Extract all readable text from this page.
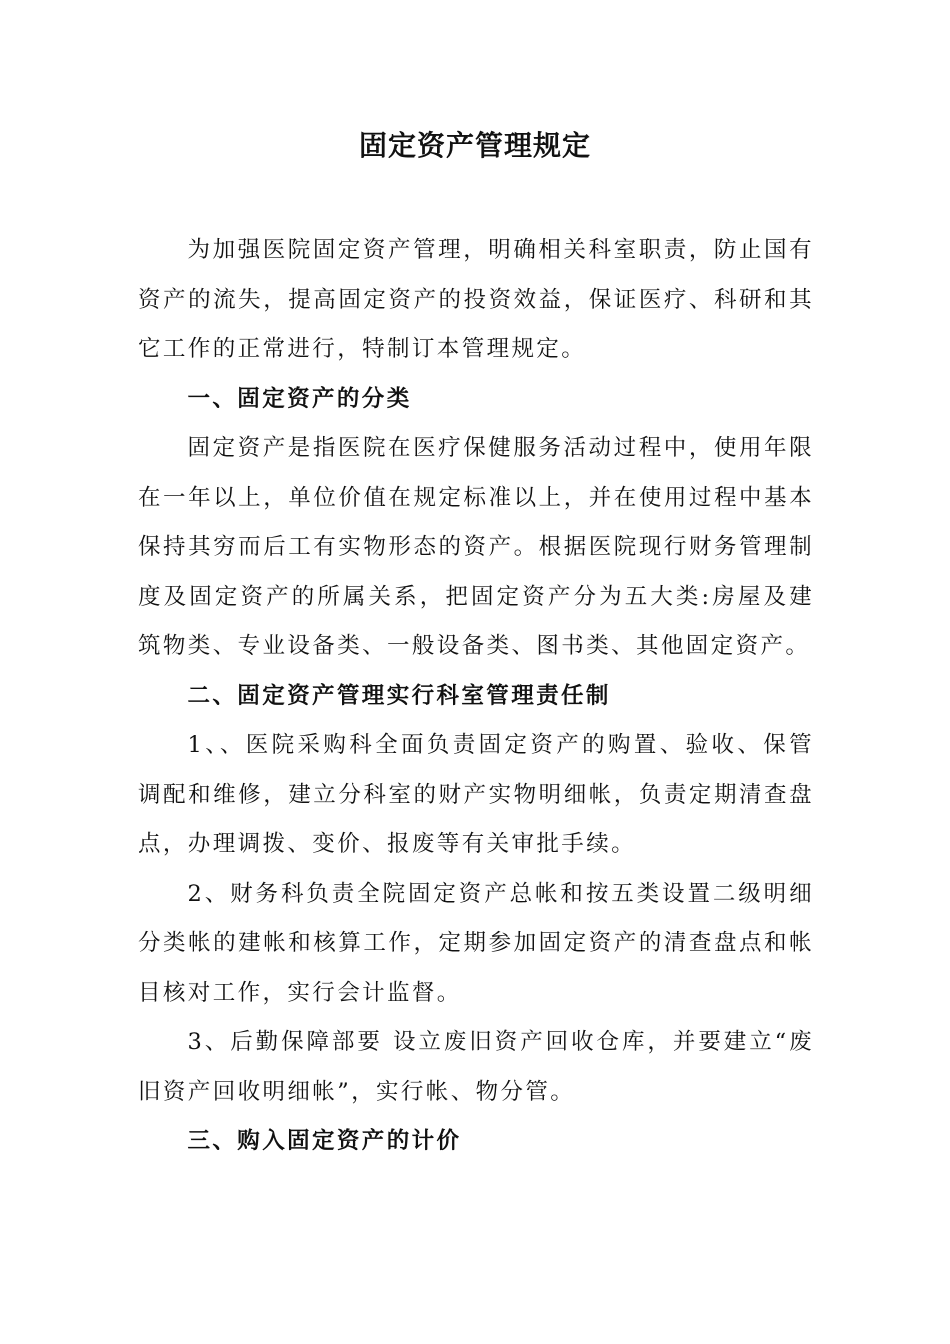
固定资产管理规定

为加强医院固定资产管理，明确相关科室职责，防止国有资产的流失，提高固定资产的投资效益，保证医疗、科研和其它工作的正常进行，特制订本管理规定。

一、固定资产的分类

固定资产是指医院在医疗保健服务活动过程中，使用年限在一年以上，单位价值在规定标准以上，并在使用过程中基本保持其穷而后工有实物形态的资产。根据医院现行财务管理制度及固定资产的所属关系，把固定资产分为五大类:房屋及建筑物类、专业设备类、一般设备类、图书类、其他固定资产。

二、固定资产管理实行科室管理责任制

1、、医院采购科全面负责固定资产的购置、验收、保管调配和维修，建立分科室的财产实物明细帐，负责定期清查盘点，办理调拨、变价、报废等有关审批手续。

2、财务科负责全院固定资产总帐和按五类设置二级明细分类帐的建帐和核算工作，定期参加固定资产的清查盘点和帐目核对工作，实行会计监督。

3、后勤保障部要 设立废旧资产回收仓库，并要建立“废旧资产回收明细帐”，实行帐、物分管。

三、购入固定资产的计价
